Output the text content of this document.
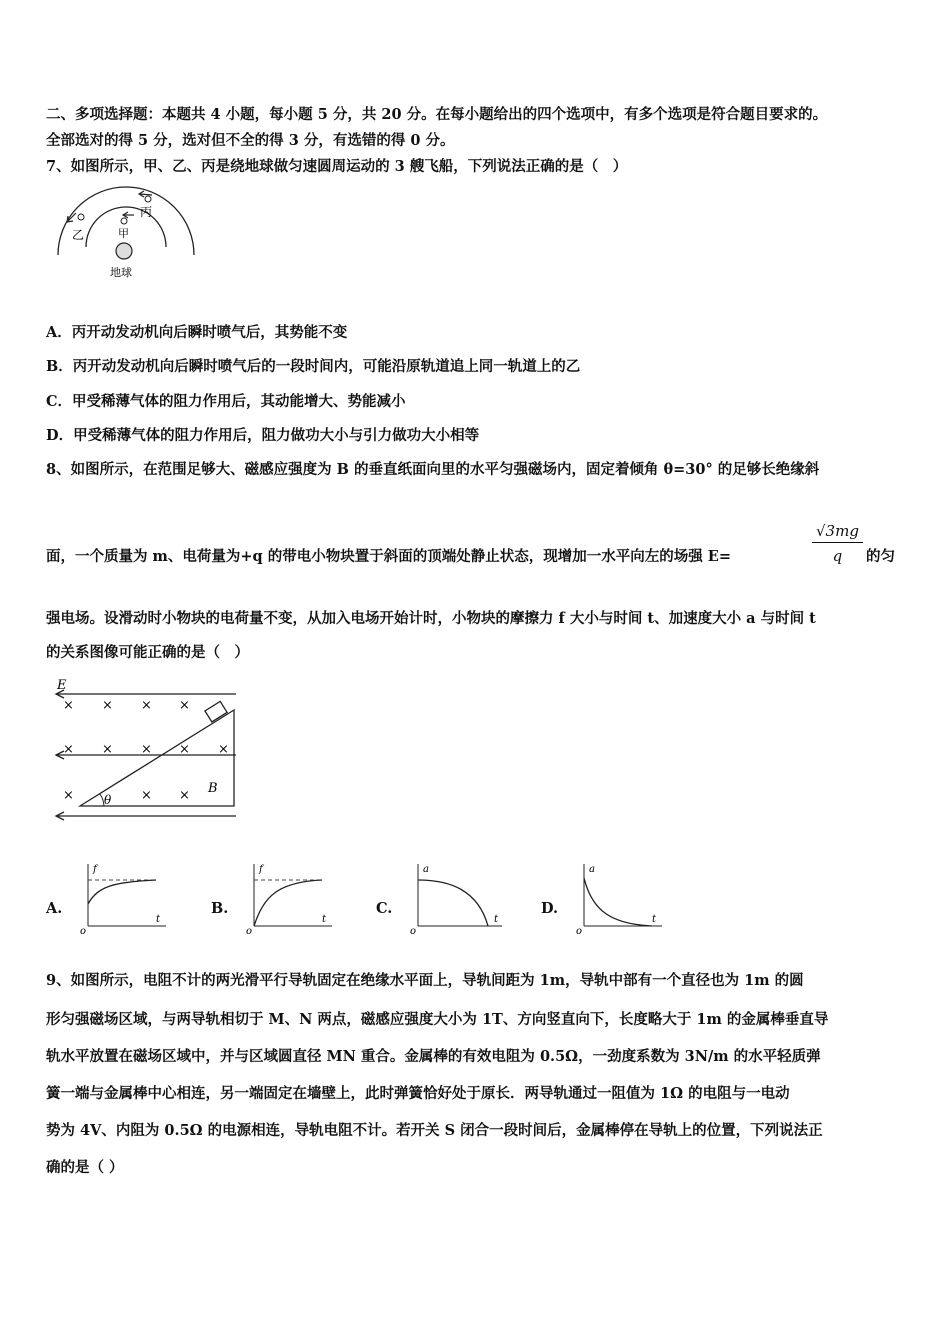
二、多项选择题：本题共 4 小题，每小题 5 分，共 20 分。在每小题给出的四个选项中，有多个选项是符合题目要求的。
全部选对的得 5 分，选对但不全的得 3 分，有选错的得 0 分。
7、如图所示，甲、乙、丙是绕地球做匀速圆周运动的 3 艘飞船，下列说法正确的是（　）
丙
乙	甲
地球
A．丙开动发动机向后瞬时喷气后，其势能不变
B．丙开动发动机向后瞬时喷气后的一段时间内，可能沿原轨道追上同一轨道上的乙
C．甲受稀薄气体的阻力作用后，其动能增大、势能减小
D．甲受稀薄气体的阻力作用后，阻力做功大小与引力做功大小相等
8、如图所示，在范围足够大、磁感应强度为 B 的垂直纸面向里的水平匀强磁场内，固定着倾角 θ=30° 的足够长绝缘斜
面，一个质量为 m、电荷量为+q 的带电小物块置于斜面的顶端处静止状态，现增加一水平向左的场强 E=	$\frac{√3mg}{q}$ 的匀
强电场。设滑动时小物块的电荷量不变，从加入电场开始计时，小物块的摩擦力 f 大小与时间 t、加速度大小 a 与时间 t
的关系图像可能正确的是（　）
E
θ
B
× × × ×
× × × × ×
×	× ×
A.
f
t
o
B.
f
t
o
C.
a
t
o
D.
a
t
o
9、如图所示，电阻不计的两光滑平行导轨固定在绝缘水平面上，导轨间距为 1m，导轨中部有一个直径也为 1m 的圆
形匀强磁场区域，与两导轨相切于 M、N 两点，磁感应强度大小为 1T、方向竖直向下，长度略大于 1m 的金属棒垂直导
轨水平放置在磁场区域中，并与区域圆直径 MN 重合。金属棒的有效电阻为 0.5Ω，一劲度系数为 3N/m 的水平轻质弹
簧一端与金属棒中心相连，另一端固定在墙壁上，此时弹簧恰好处于原长．两导轨通过一阻值为 1Ω 的电阻与一电动
势为 4V、内阻为 0.5Ω 的电源相连，导轨电阻不计。若开关 S 闭合一段时间后，金属棒停在导轨上的位置，下列说法正
确的是（ ）
